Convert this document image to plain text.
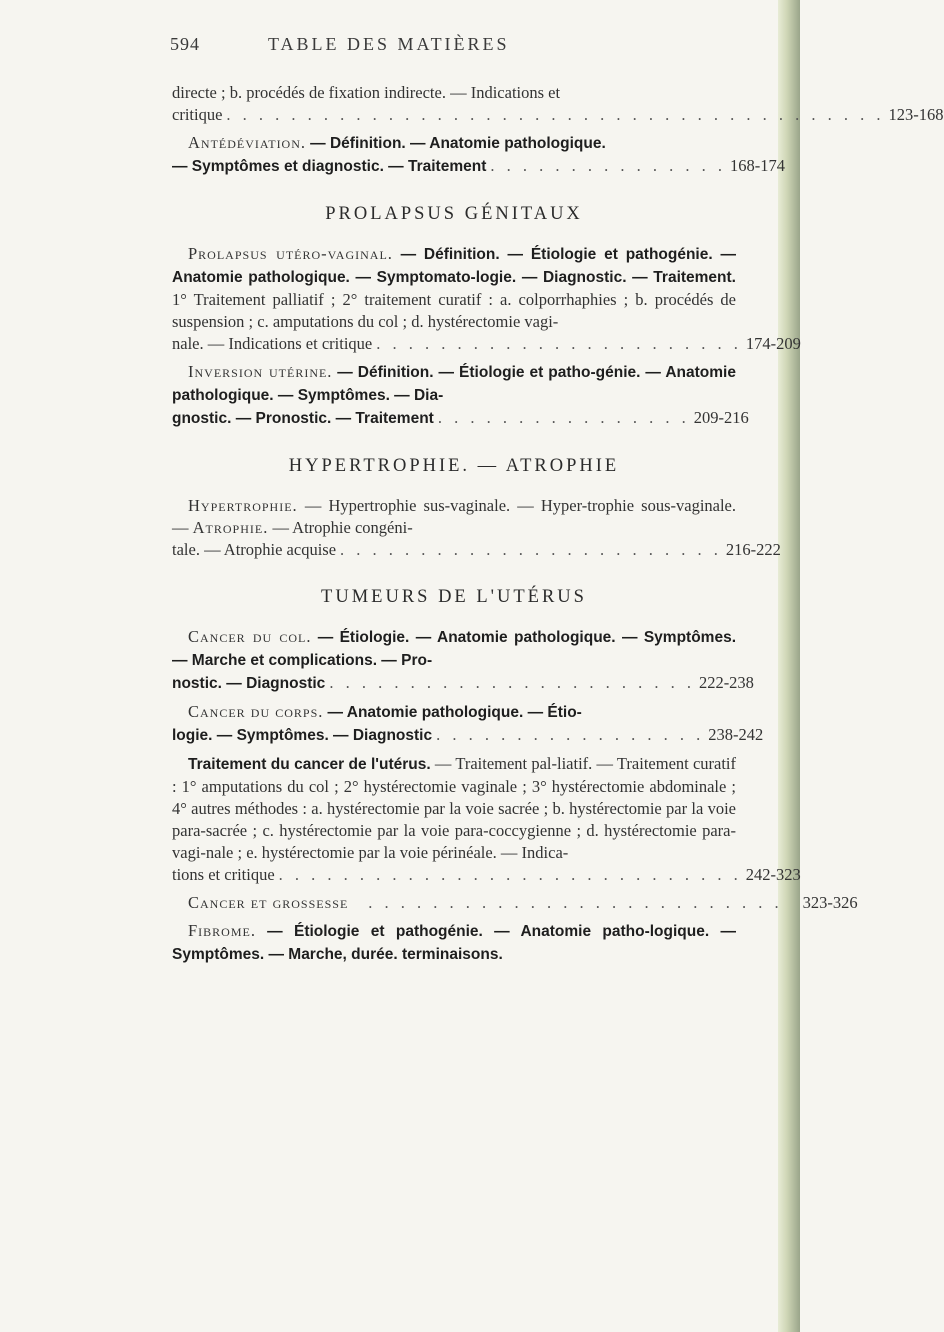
594	TABLE DES MATIÈRES
directe ; b. procédés de fixation indirecte. — Indications et
critique . . . . . . . . . . . . . . . . . . . . . . . . . . . . . . . . . . . . . . . . . 123-168
Antédéviation. — Définition. — Anatomie pathologique.
— Symptômes et diagnostic. — Traitement . . . . . . . . . . . . . . . 168-174
PROLAPSUS GÉNITAUX
Prolapsus utéro-vaginal. — Définition. — Étiologie et pathogénie. — Anatomie pathologique. — Symptomato-logie. — Diagnostic. — Traitement. 1° Traitement palliatif ; 2° traitement curatif : a. colporrhaphies ; b. procédés de suspension ; c. amputations du col ; d. hystérectomie vagi-
nale. — Indications et critique . . . . . . . . . . . . . . . . . . . . . . . 174-209
Inversion utérine. — Définition. — Étiologie et patho-génie. — Anatomie pathologique. — Symptômes. — Dia-
gnostic. — Pronostic. — Traitement . . . . . . . . . . . . . . . . 209-216
HYPERTROPHIE. — ATROPHIE
Hypertrophie. — Hypertrophie sus-vaginale. — Hyper-trophie sous-vaginale. — Atrophie. — Atrophie congéni-
tale. — Atrophie acquise . . . . . . . . . . . . . . . . . . . . . . . . 216-222
TUMEURS DE L'UTÉRUS
Cancer du col. — Étiologie. — Anatomie pathologique. — Symptômes. — Marche et complications. — Pro-
nostic. — Diagnostic . . . . . . . . . . . . . . . . . . . . . . . 222-238
Cancer du corps. — Anatomie pathologique. — Étio-
logie. — Symptômes. — Diagnostic . . . . . . . . . . . . . . . . . 238-242
Traitement du cancer de l'utérus. — Traitement pal-liatif. — Traitement curatif : 1° amputations du col ; 2° hystérectomie vaginale ; 3° hystérectomie abdominale ; 4° autres méthodes : a. hystérectomie par la voie sacrée ; b. hystérectomie par la voie para-sacrée ; c. hystérectomie par la voie para-coccygienne ; d. hystérectomie para-vagi-nale ; e. hystérectomie par la voie périnéale. — Indica-
tions et critique . . . . . . . . . . . . . . . . . . . . . . . . . . . . . 242-323
Cancer et grossesse	. . . . . . . . . . . . . . . . . . . . . . . . . .	323-326
Fibrome. — Étiologie et pathogénie. — Anatomie patho-logique. — Symptômes. — Marche, durée. terminaisons.
